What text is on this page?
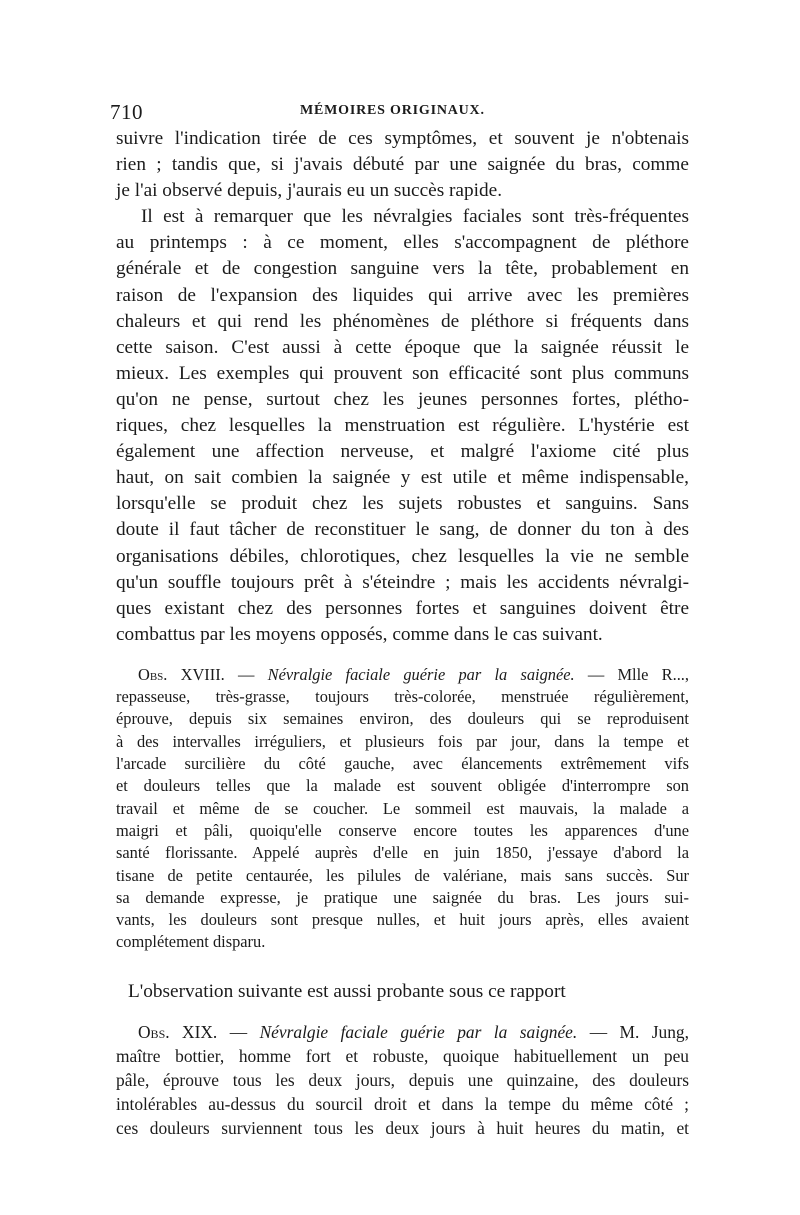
710	MÉMOIRES ORIGINAUX.
suivre l'indication tirée de ces symptômes, et souvent je n'obtenais
rien ; tandis que, si j'avais débuté par une saignée du bras, comme
je l'ai observé depuis, j'aurais eu un succès rapide.
Il est à remarquer que les névralgies faciales sont très-fréquentes
au printemps : à ce moment, elles s'accompagnent de pléthore
générale et de congestion sanguine vers la tête, probablement en
raison de l'expansion des liquides qui arrive avec les premières
chaleurs et qui rend les phénomènes de pléthore si fréquents dans
cette saison. C'est aussi à cette époque que la saignée réussit le
mieux. Les exemples qui prouvent son efficacité sont plus communs
qu'on ne pense, surtout chez les jeunes personnes fortes, plétho-
riques, chez lesquelles la menstruation est régulière. L'hystérie est
également une affection nerveuse, et malgré l'axiome cité plus
haut, on sait combien la saignée y est utile et même indispensable,
lorsqu'elle se produit chez les sujets robustes et sanguins. Sans
doute il faut tâcher de reconstituer le sang, de donner du ton à des
organisations débiles, chlorotiques, chez lesquelles la vie ne semble
qu'un souffle toujours prêt à s'éteindre ; mais les accidents névralgi-
ques existant chez des personnes fortes et sanguines doivent être
combattus par les moyens opposés, comme dans le cas suivant.
Obs. XVIII. — Névralgie faciale guérie par la saignée. — Mlle R...,
repasseuse, très-grasse, toujours très-colorée, menstruée régulièrement,
éprouve, depuis six semaines environ, des douleurs qui se reproduisent
à des intervalles irréguliers, et plusieurs fois par jour, dans la tempe et
l'arcade surcilière du côté gauche, avec élancements extrêmement vifs
et douleurs telles que la malade est souvent obligée d'interrompre son
travail et même de se coucher. Le sommeil est mauvais, la malade a
maigri et pâli, quoiqu'elle conserve encore toutes les apparences d'une
santé florissante. Appelé auprès d'elle en juin 1850, j'essaye d'abord la
tisane de petite centaurée, les pilules de valériane, mais sans succès. Sur
sa demande expresse, je pratique une saignée du bras. Les jours sui-
vants, les douleurs sont presque nulles, et huit jours après, elles avaient
complétement disparu.
L'observation suivante est aussi probante sous ce rapport
Obs. XIX. — Névralgie faciale guérie par la saignée. — M. Jung,
maître bottier, homme fort et robuste, quoique habituellement un peu
pâle, éprouve tous les deux jours, depuis une quinzaine, des douleurs
intolérables au-dessus du sourcil droit et dans la tempe du même côté ;
ces douleurs surviennent tous les deux jours à huit heures du matin, et
